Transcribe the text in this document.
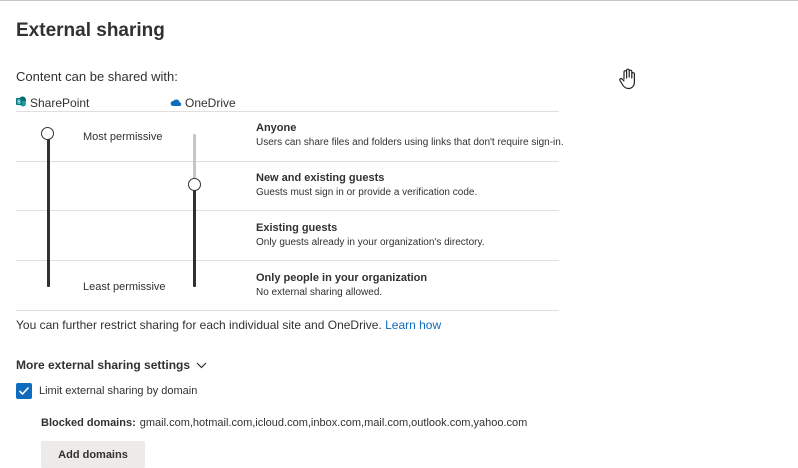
External sharing
Content can be shared with:
S SharePoint	OneDrive
Most permissive
Least permissive
Anyone
Users can share files and folders using links that don't require sign-in.
New and existing guests
Guests must sign in or provide a verification code.
Existing guests
Only guests already in your organization's directory.
Only people in your organization
No external sharing allowed.
You can further restrict sharing for each individual site and OneDrive. Learn how
More external sharing settings
Limit external sharing by domain
Blocked domains: gmail.com,hotmail.com,icloud.com,inbox.com,mail.com,outlook.com,yahoo.com
Add domains
